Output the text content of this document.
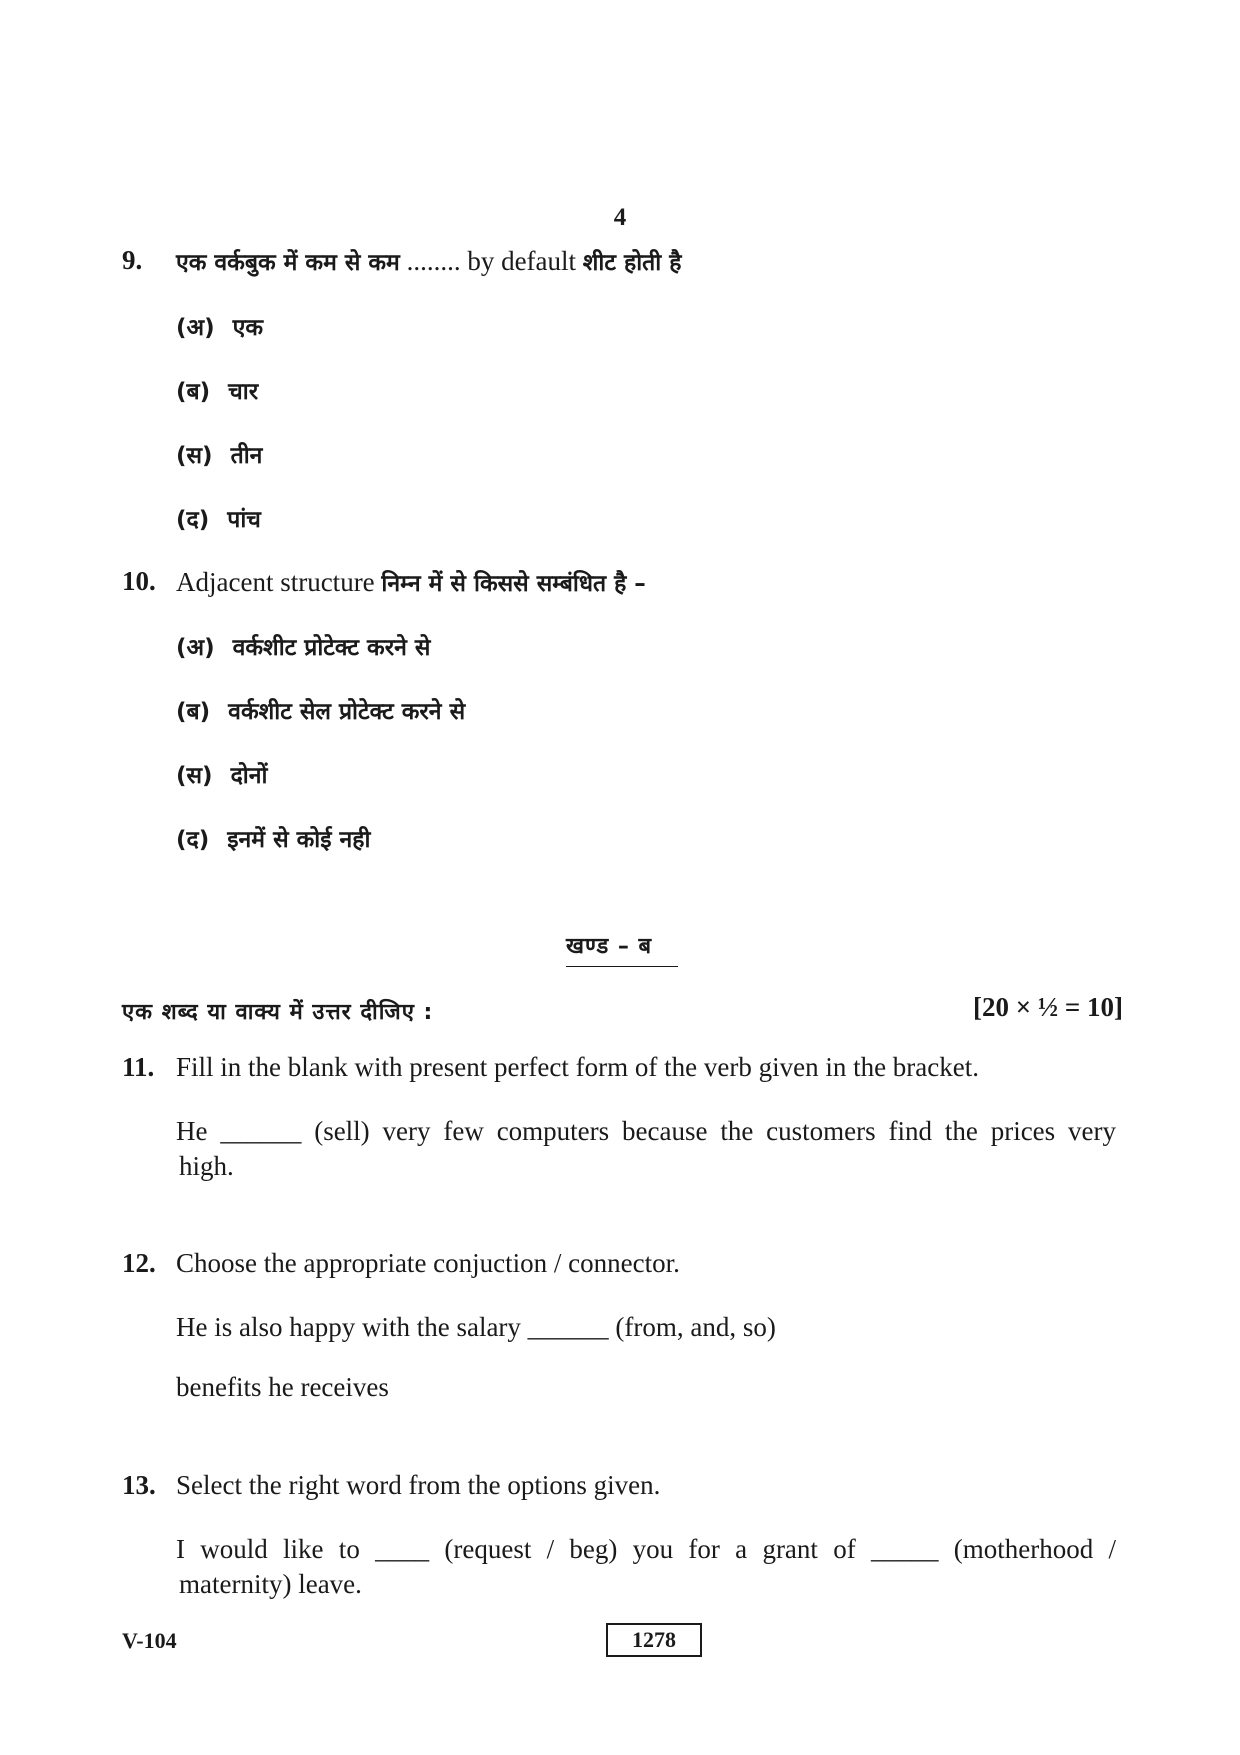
4
9. एक वर्कबुक में कम से कम ........ by default शीट होती है
(अ) एक
(ब) चार
(स) तीन
(द) पांच
10. Adjacent structure निम्न में से किससे सम्बंधित है –
(अ) वर्कशीट प्रोटेक्ट करने से
(ब) वर्कशीट सेल प्रोटेक्ट करने से
(स) दोनों
(द) इनमें से कोई नही
खण्ड – ब
एक शब्द या वाक्य में उत्तर दीजिए :	[20 × ½ = 10]
11. Fill in the blank with present perfect form of the verb given in the bracket.
He ______ (sell) very few computers because the customers find the prices very
high.
12. Choose the appropriate conjuction / connector.
He is also happy with the salary ______ (from, and, so)
benefits he receives
13. Select the right word from the options given.
I would like to ____ (request / beg) you for a grant of _____ (motherhood /
maternity) leave.
V-104	1278
